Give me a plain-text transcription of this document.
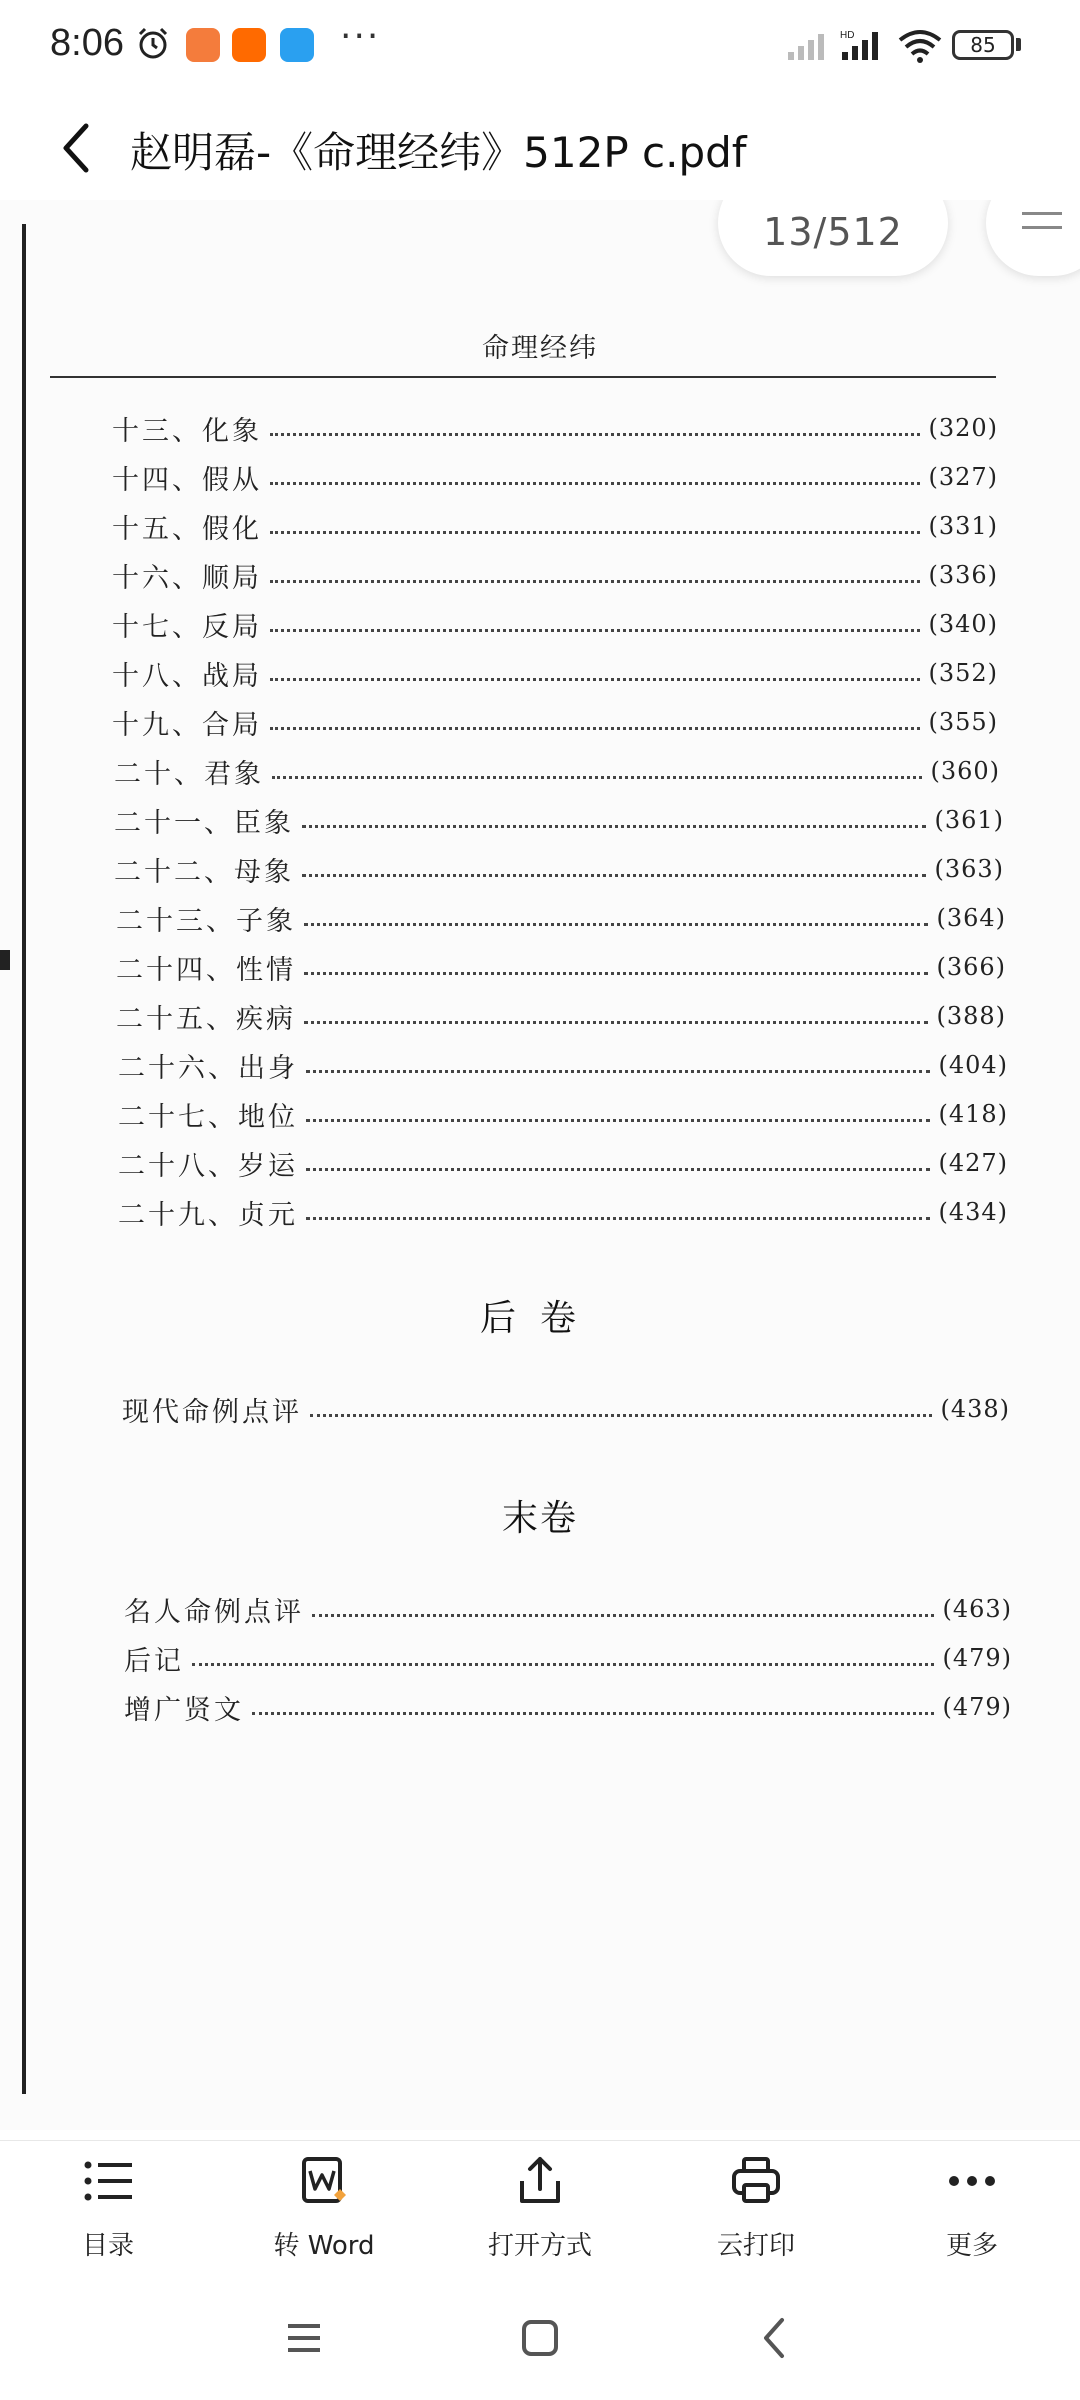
8:06	···	HD	85
赵明磊-《命理经纬》512P c.pdf
13/512
命理经纬
十三、化象	(320)
十四、假从	(327)
十五、假化	(331)
十六、顺局	(336)
十七、反局	(340)
十八、战局	(352)
十九、合局	(355)
二十、君象	(360)
二十一、臣象	(361)
二十二、母象	(363)
二十三、子象	(364)
二十四、性情	(366)
二十五、疾病	(388)
二十六、出身	(404)
二十七、地位	(418)
二十八、岁运	(427)
二十九、贞元	(434)
后卷
现代命例点评	(438)
末卷
名人命例点评	(463)
后记	(479)
增广贤文	(479)
目录	转 Word	打开方式	云打印	更多
